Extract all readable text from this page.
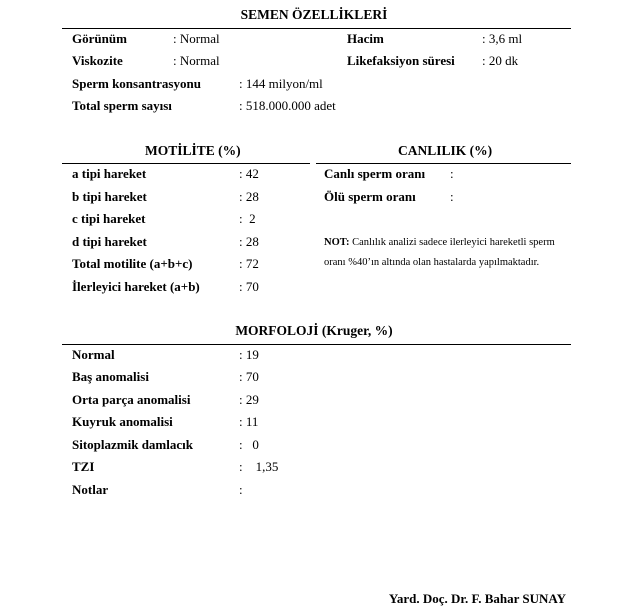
SEMEN ÖZELLİKLERİ
Görünüm	: Normal	Hacim	: 3,6 ml
Viskozite	: Normal	Likefaksiyon süresi : 20 dk
Sperm konsantrasyonu	: 144 milyon/ml
Total sperm sayısı	: 518.000.000 adet
MOTİLİTE (%)
a tipi hareket	: 42
b tipi hareket	: 28
c tipi hareket	:  2
d tipi hareket	: 28
Total motilite (a+b+c)	: 72
İlerleyici hareket (a+b)	: 70
CANLILIK (%)
Canlı sperm oranı :
Ölü sperm oranı	:
NOT: Canlılık analizi sadece ilerleyici hareketli sperm
oranı %40’ın altında olan hastalarda yapılmaktadır.
MORFOLOJİ (Kruger, %)
Normal	: 19
Baş anomalisi	: 70
Orta parça anomalisi	: 29
Kuyruk anomalisi	: 11
Sitoplazmik damlacık	:   0
TZI	:    1,35
Notlar	:
Yard. Doç. Dr. F. Bahar SUNAY
